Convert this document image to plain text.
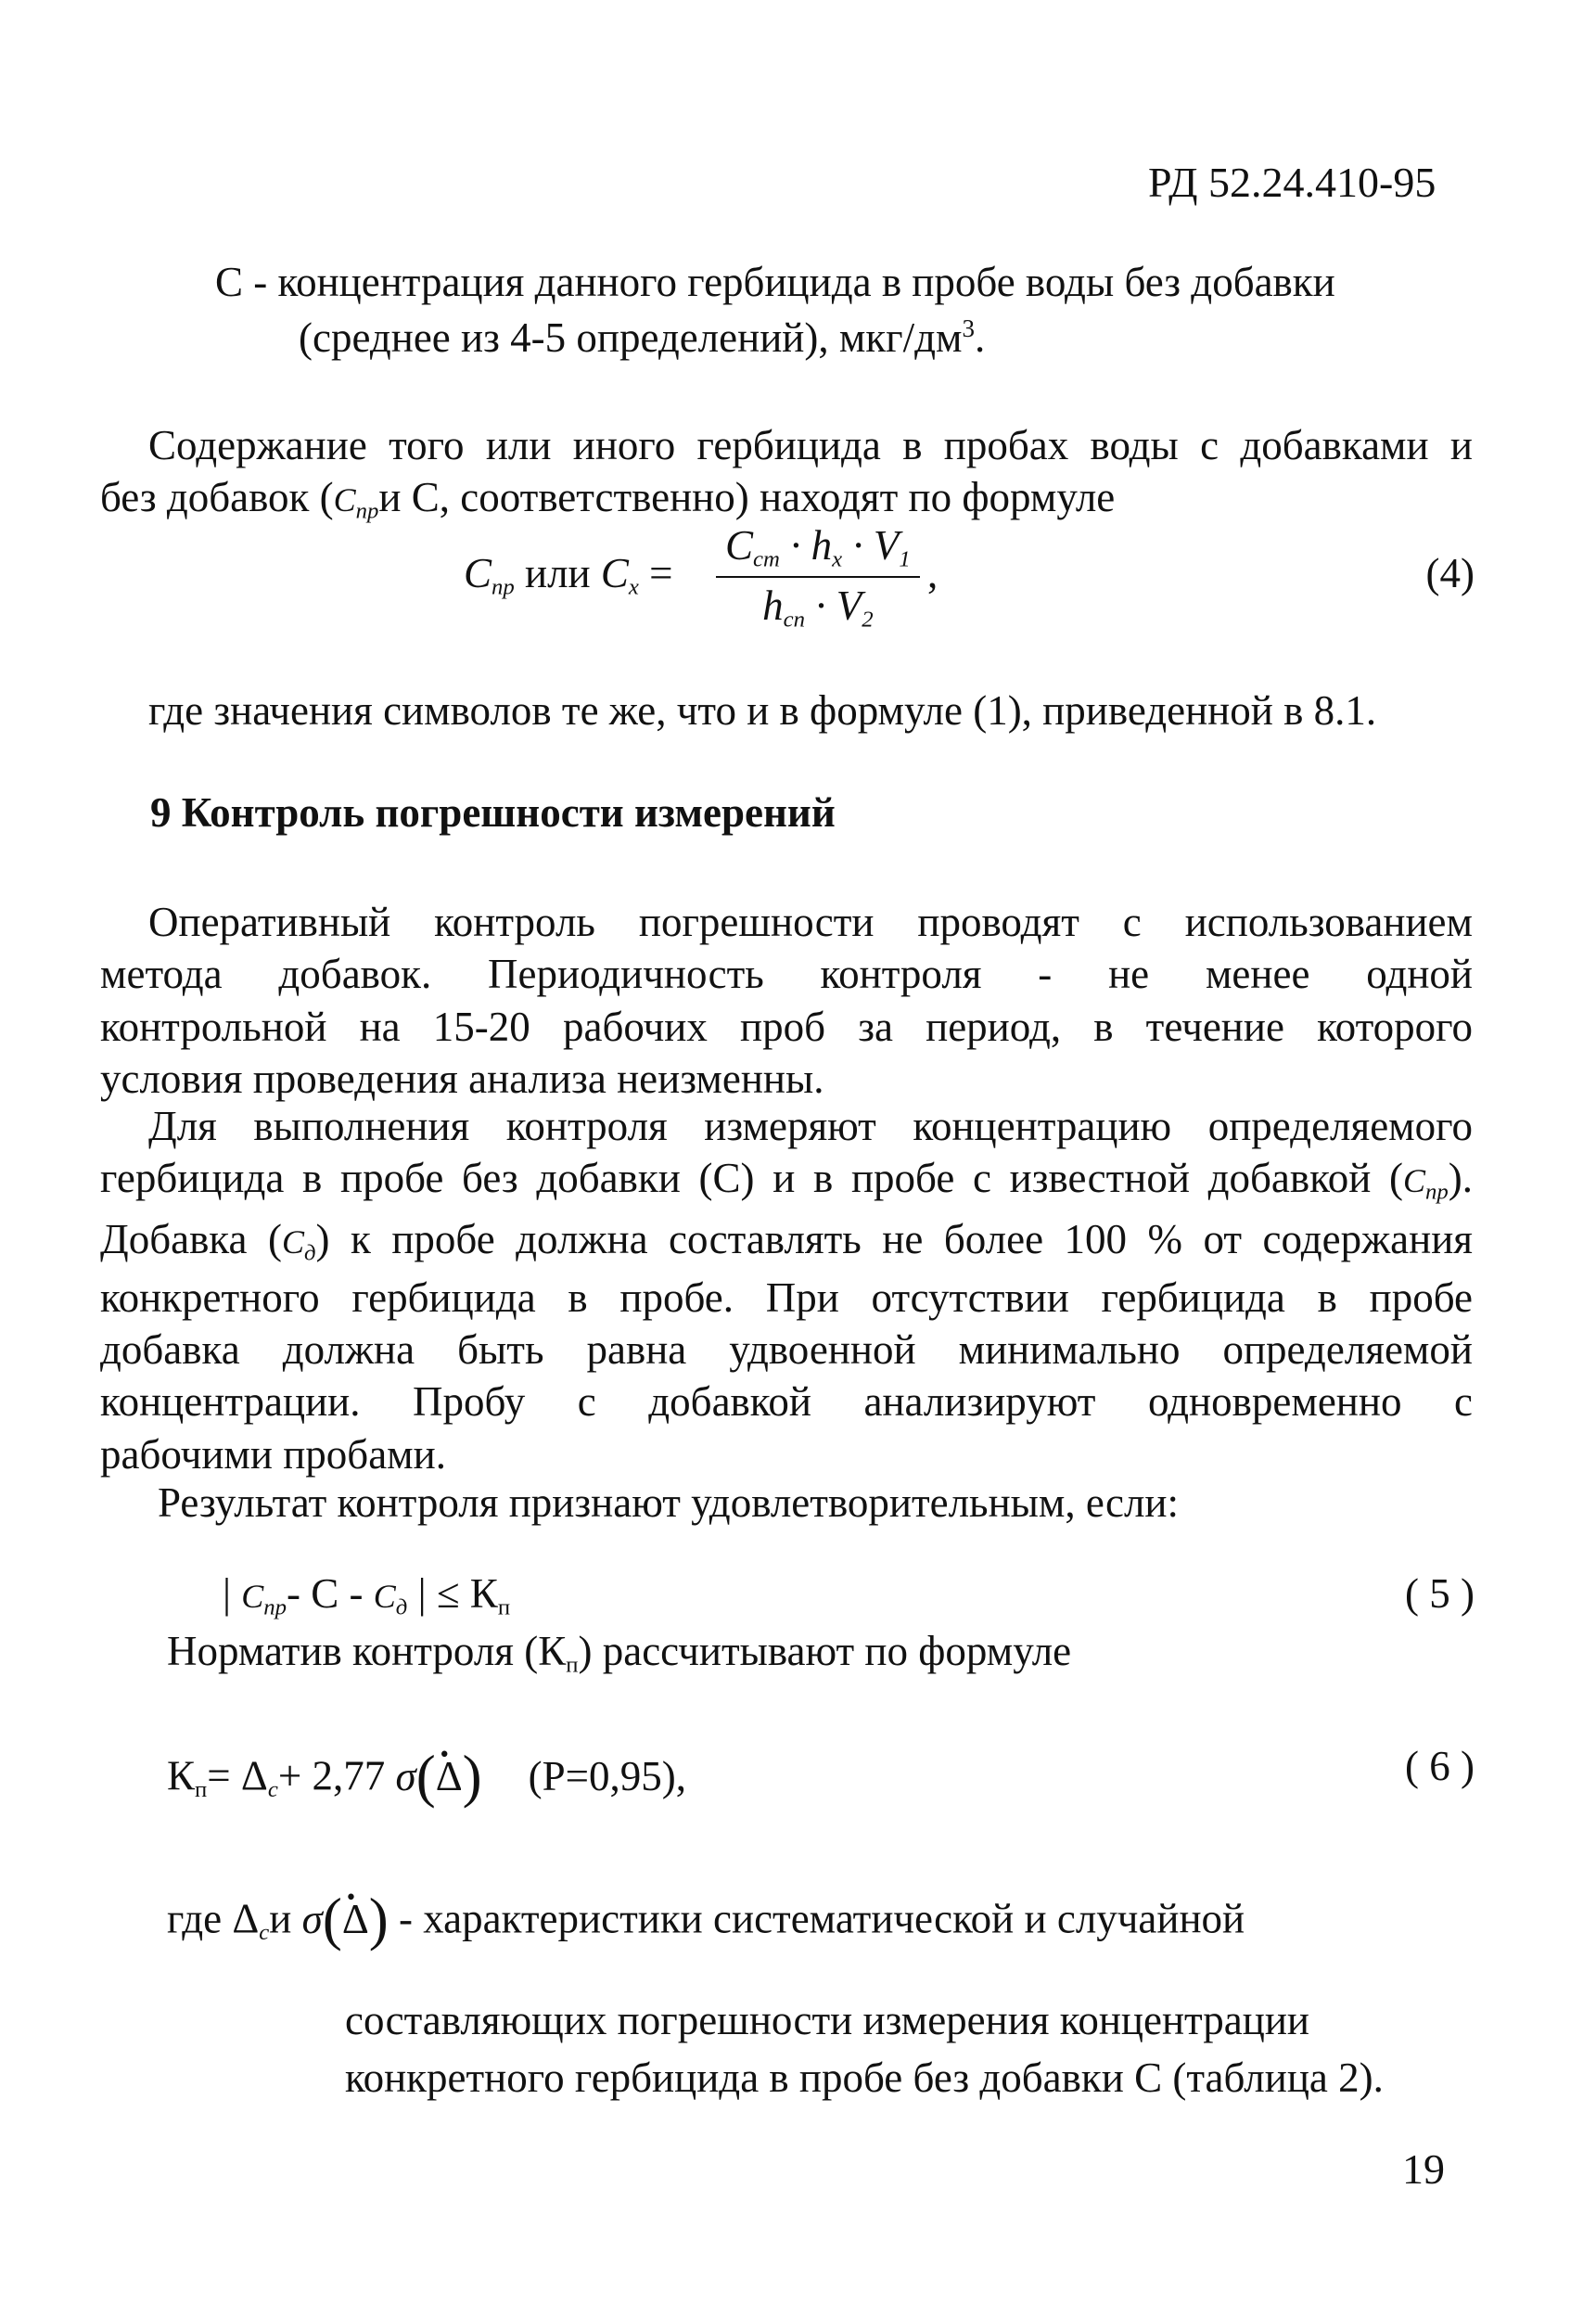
РД 52.24.410-95
С - концентрация данного гербицида в пробе воды без добавки
(среднее из 4-5 определений), мкг/$дм^3$.
Содержание того или иного гербицида в пробах воды с добавками и
без добавок ($C_{пр}и$ С, соответственно) находят по формуле
$C_{пр}$ или $C_x$ =
$C_{ст} \cdot h_x \cdot V_1$
$h_{сп} \cdot V_2$
,	(4)
где значения символов те же, что и в формуле (1), приведенной в 8.1.
9 Контроль погрешности измерений
Оперативный контроль погрешности проводят с использованием
метода добавок. Периодичность контроля - не менее одной
контрольной на 15-20 рабочих проб за период, в течение которого
условия проведения анализа неизменны.
Для выполнения контроля измеряют концентрацию определяемого
гербицида в пробе без добавки (С) и в пробе с известной добавкой $(C_{пр})$.
Добавка $(C_д)$ к пробе должна составлять не более 100 % от содержания
конкретного гербицида в пробе. При отсутствии гербицида в пробе
добавка должна быть равна удвоенной минимально определяемой
концентрации. Пробу с добавкой анализируют одновременно с
рабочими пробами.
Результат контроля признают удовлетворительным, если:
| $C_{пр}-$ С - $C_д$ | ≤ $К_п$	( 5 )
Норматив контроля $(К_п)$ рассчитывают по формуле
$К_п= \Delta_с+ 2,77$ σ(• Δ) (Р=0,95),	( 6 )
где $\Delta_си$ σ(• Δ) - характеристики систематической и случайной
составляющих погрешности измерения концентрации
конкретного гербицида в пробе без добавки С (таблица 2).
19
